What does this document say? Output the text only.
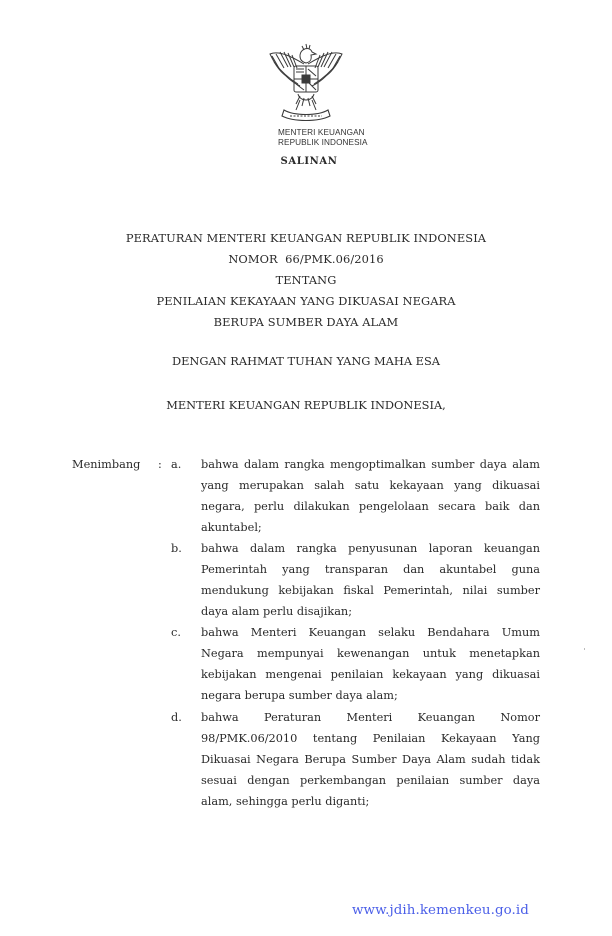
MENTERI KEUANGAN
REPUBLIK INDONESIA
SALINAN
PERATURAN MENTERI KEUANGAN REPUBLIK INDONESIA
NOMOR  66/PMK.06/2016
TENTANG
PENILAIAN KEKAYAAN YANG DIKUASAI NEGARA
BERUPA SUMBER DAYA ALAM
DENGAN RAHMAT TUHAN YANG MAHA ESA
MENTERI KEUANGAN REPUBLIK INDONESIA,
Menimbang : a. bahwa dalam rangka mengoptimalkan sumber daya alam yang merupakan salah satu kekayaan yang dikuasai negara, perlu dilakukan pengelolaan secara baik dan akuntabel;

b. bahwa dalam rangka penyusunan laporan keuangan Pemerintah yang transparan dan akuntabel guna mendukung kebijakan fiskal Pemerintah, nilai sumber daya alam perlu disajikan;

c. bahwa Menteri Keuangan selaku Bendahara Umum Negara mempunyai kewenangan untuk menetapkan kebijakan mengenai penilaian kekayaan yang dikuasai negara berupa sumber daya alam;

d. bahwa Peraturan Menteri Keuangan Nomor 98/PMK.06/2010 tentang Penilaian Kekayaan Yang Dikuasai Negara Berupa Sumber Daya Alam sudah tidak sesuai dengan perkembangan penilaian sumber daya alam, sehingga perlu diganti;

www.jdih.kemenkeu.go.id
